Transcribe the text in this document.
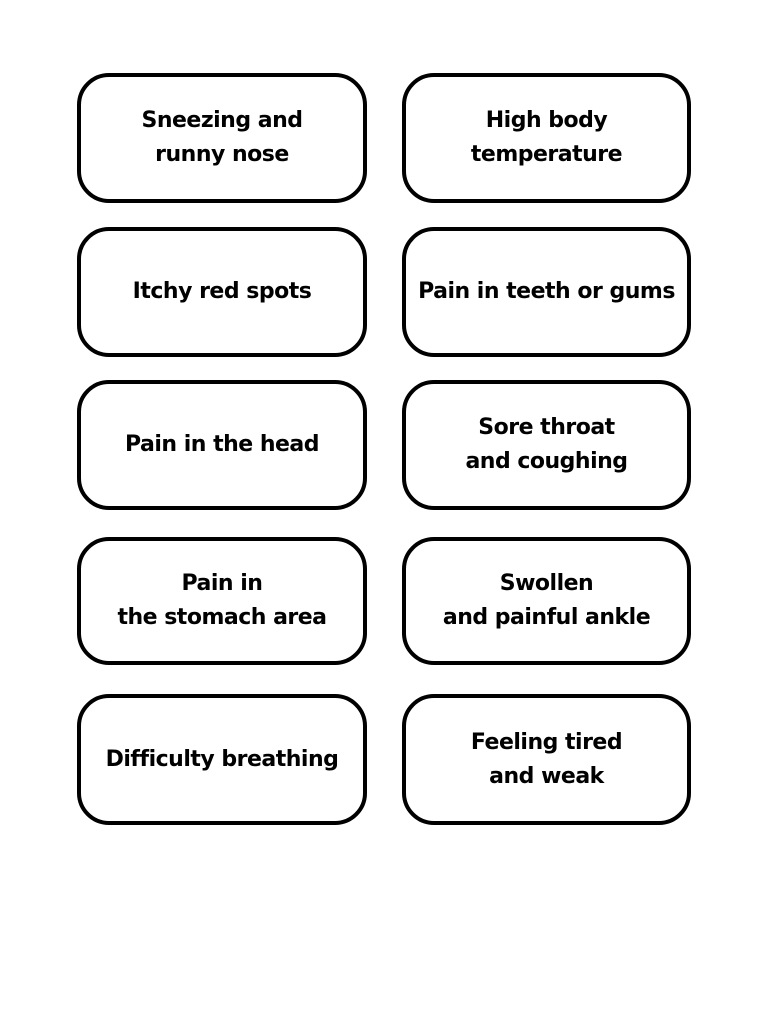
Sneezing and
runny nose
High body
temperature
Itchy red spots	Pain in teeth or gums
Pain in the head
Sore throat
and coughing
Pain in
the stomach area
Swollen
and painful ankle
Difficulty breathing
Feeling tired
and weak
